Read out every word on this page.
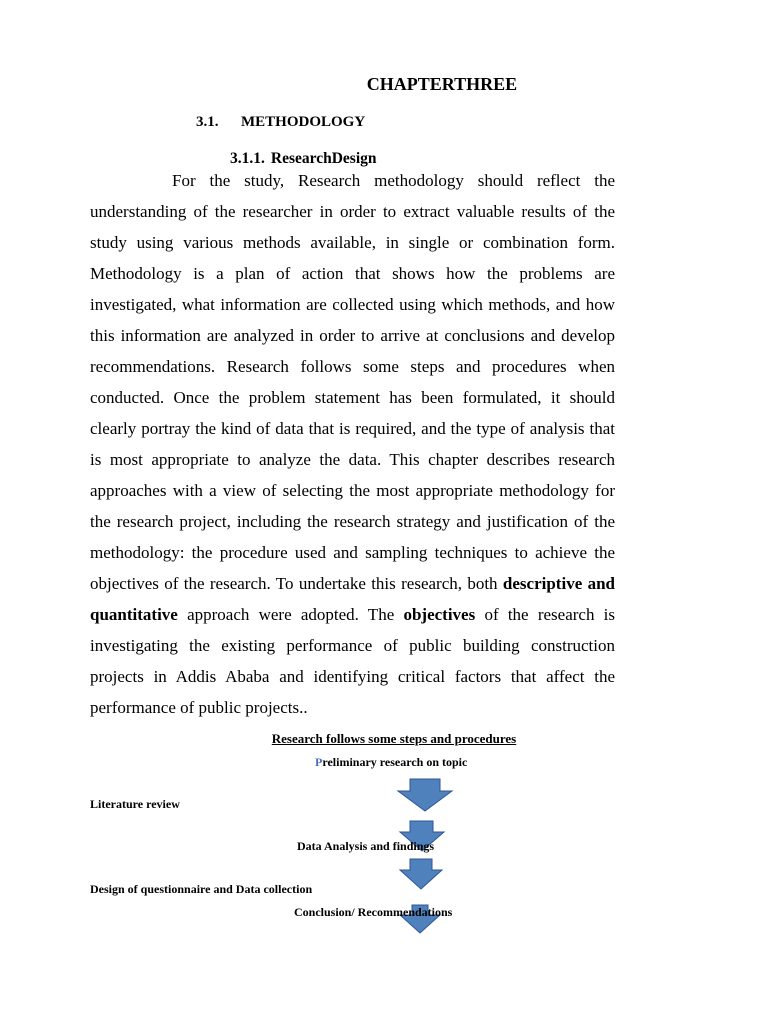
CHAPTERTHREE
3.1. METHODOLOGY
3.1.1. ResearchDesign
For the study, Research methodology should reflect the understanding of the researcher in order to extract valuable results of the study using various methods available, in single or combination form. Methodology is a plan of action that shows how the problems are investigated, what information are collected using which methods, and how this information are analyzed in order to arrive at conclusions and develop recommendations. Research follows some steps and procedures when conducted. Once the problem statement has been formulated, it should clearly portray the kind of data that is required, and the type of analysis that is most appropriate to analyze the data. This chapter describes research approaches with a view of selecting the most appropriate methodology for the research project, including the research strategy and justification of the methodology: the procedure used and sampling techniques to achieve the objectives of the research. To undertake this research, both descriptive and quantitative approach were adopted. The objectives of the research is investigating the existing performance of public building construction projects in Addis Ababa and identifying critical factors that affect the performance of public projects..
Research follows some steps and procedures
Preliminary research on topic
Literature review
Data Analysis and findings
Design of questionnaire and Data collection
Conclusion/ Recommendations
